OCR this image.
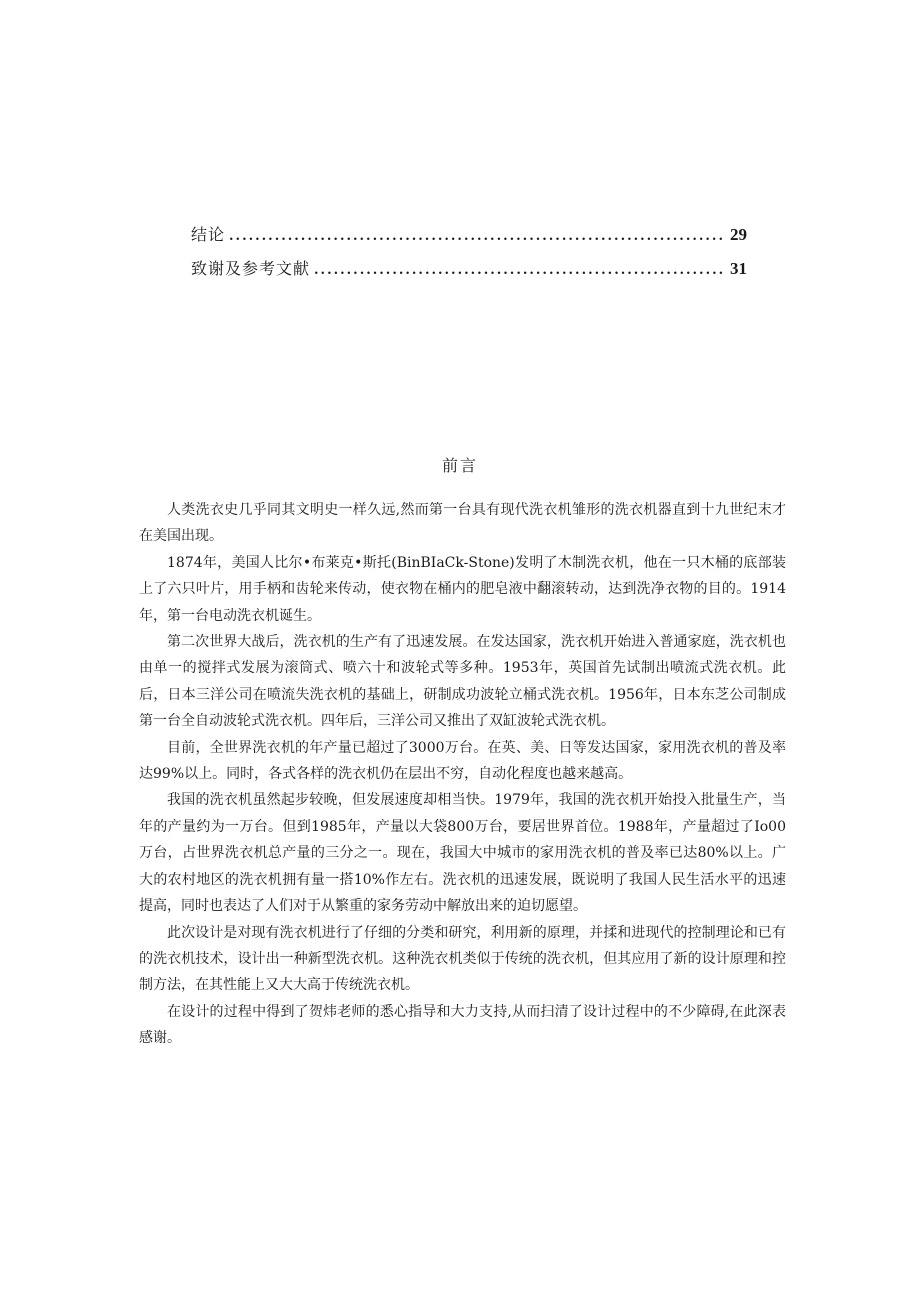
结论 .....	29
致谢及参考文献 .....	31
前言

人类洗衣史几乎同其文明史一样久远,然而第一台具有现代洗衣机雏形的洗衣机器直到十九世纪末才在美国出现。

1874年，美国人比尔•布莱克•斯托(BinBIaCk-Stone)发明了木制洗衣机，他在一只木桶的底部装上了六只叶片，用手柄和齿轮来传动，使衣物在桶内的肥皂液中翻滚转动，达到洗净衣物的目的。1914年，第一台电动洗衣机诞生。

第二次世界大战后，洗衣机的生产有了迅速发展。在发达国家，洗衣机开始进入普通家庭，洗衣机也由单一的搅拌式发展为滚筒式、喷六十和波轮式等多种。1953年，英国首先试制出喷流式洗衣机。此后，日本三洋公司在喷流失洗衣机的基础上，研制成功波轮立桶式洗衣机。1956年，日本东芝公司制成第一台全自动波轮式洗衣机。四年后，三洋公司又推出了双缸波轮式洗衣机。

目前，全世界洗衣机的年产量已超过了3000万台。在英、美、日等发达国家，家用洗衣机的普及率达99%以上。同时，各式各样的洗衣机仍在层出不穷，自动化程度也越来越高。

我国的洗衣机虽然起步较晚，但发展速度却相当快。1979年，我国的洗衣机开始投入批量生产，当年的产量约为一万台。但到1985年，产量以大袋800万台，要居世界首位。1988年，产量超过了Io00万台，占世界洗衣机总产量的三分之一。现在，我国大中城市的家用洗衣机的普及率已达80%以上。广大的农村地区的洗衣机拥有量一搭10%作左右。洗衣机的迅速发展，既说明了我国人民生活水平的迅速提高，同时也表达了人们对于从繁重的家务劳动中解放出来的迫切愿望。

此次设计是对现有洗衣机进行了仔细的分类和研究，利用新的原理，并揉和进现代的控制理论和已有的洗衣机技术，设计出一种新型洗衣机。这种洗衣机类似于传统的洗衣机，但其应用了新的设计原理和控制方法，在其性能上又大大高于传统洗衣机。

在设计的过程中得到了贺炜老师的悉心指导和大力支持,从而扫清了设计过程中的不少障碍,在此深表感谢。
